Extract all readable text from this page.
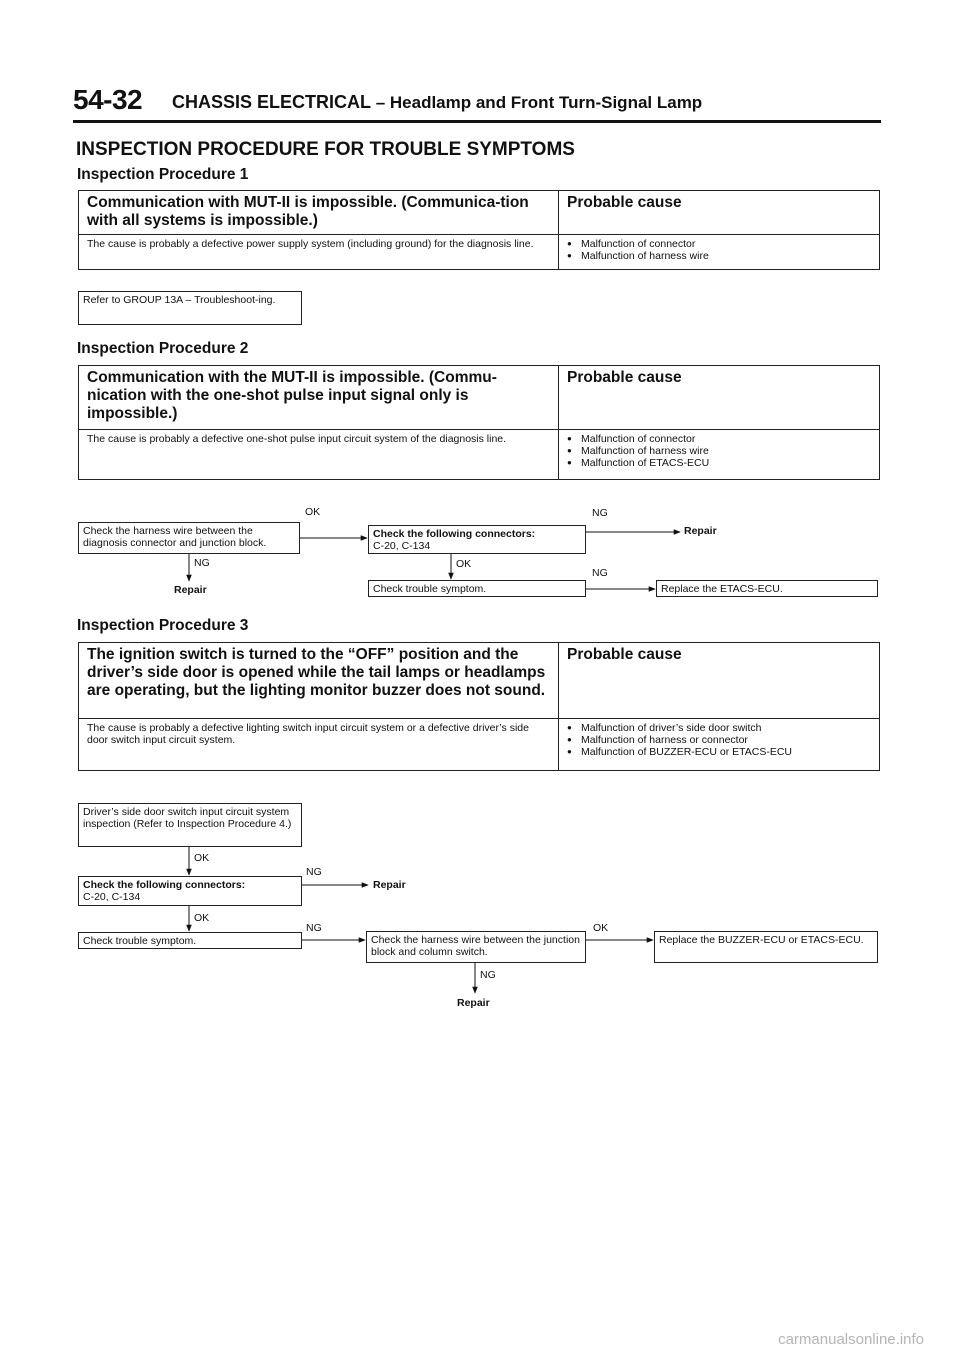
54-32 CHASSIS ELECTRICAL – Headlamp and Front Turn-Signal Lamp
INSPECTION PROCEDURE FOR TROUBLE SYMPTOMS
Inspection Procedure 1
Communication with MUT-II is impossible. (Communica-tion with all systems is impossible.)	Probable cause
The cause is probably a defective power supply system (including ground) for the diagnosis line.	● Malfunction of connector

● Malfunction of harness wire

Refer to GROUP 13A – Troubleshoot-ing.
Inspection Procedure 2
Communication with the MUT-II is impossible. (Commu-nication with the one-shot pulse input signal only is impossible.)	Probable cause
The cause is probably a defective one-shot pulse input circuit system of the diagnosis line.	● Malfunction of connector

● Malfunction of harness wire

● Malfunction of ETACS-ECU

Check the harness wire between the diagnosis connector and junction block.
Check the following connectors:
C-20, C-134
Check trouble symptom.	Replace the ETACS-ECU.
OK	NG
Repair
NG
Repair
OK
NG
Inspection Procedure 3
The ignition switch is turned to the “OFF” position and the driver’s side door is opened while the tail lamps or headlamps are operating, but the lighting monitor buzzer does not sound.	Probable cause
The cause is probably a defective lighting switch input circuit system or a defective driver’s side door switch input circuit system.	● Malfunction of driver’s side door switch

● Malfunction of harness or connector

● Malfunction of BUZZER-ECU or ETACS-ECU

Driver’s side door switch input circuit system inspection (Refer to Inspection Procedure 4.)
Check the following connectors:
C-20, C-134
Check trouble symptom.	Check the harness wire between the junction block and column switch.
Replace the BUZZER-ECU or ETACS-ECU.
OK
NG
Repair
OK
NG	OK
NG
Repair
carmanualsonline.info
